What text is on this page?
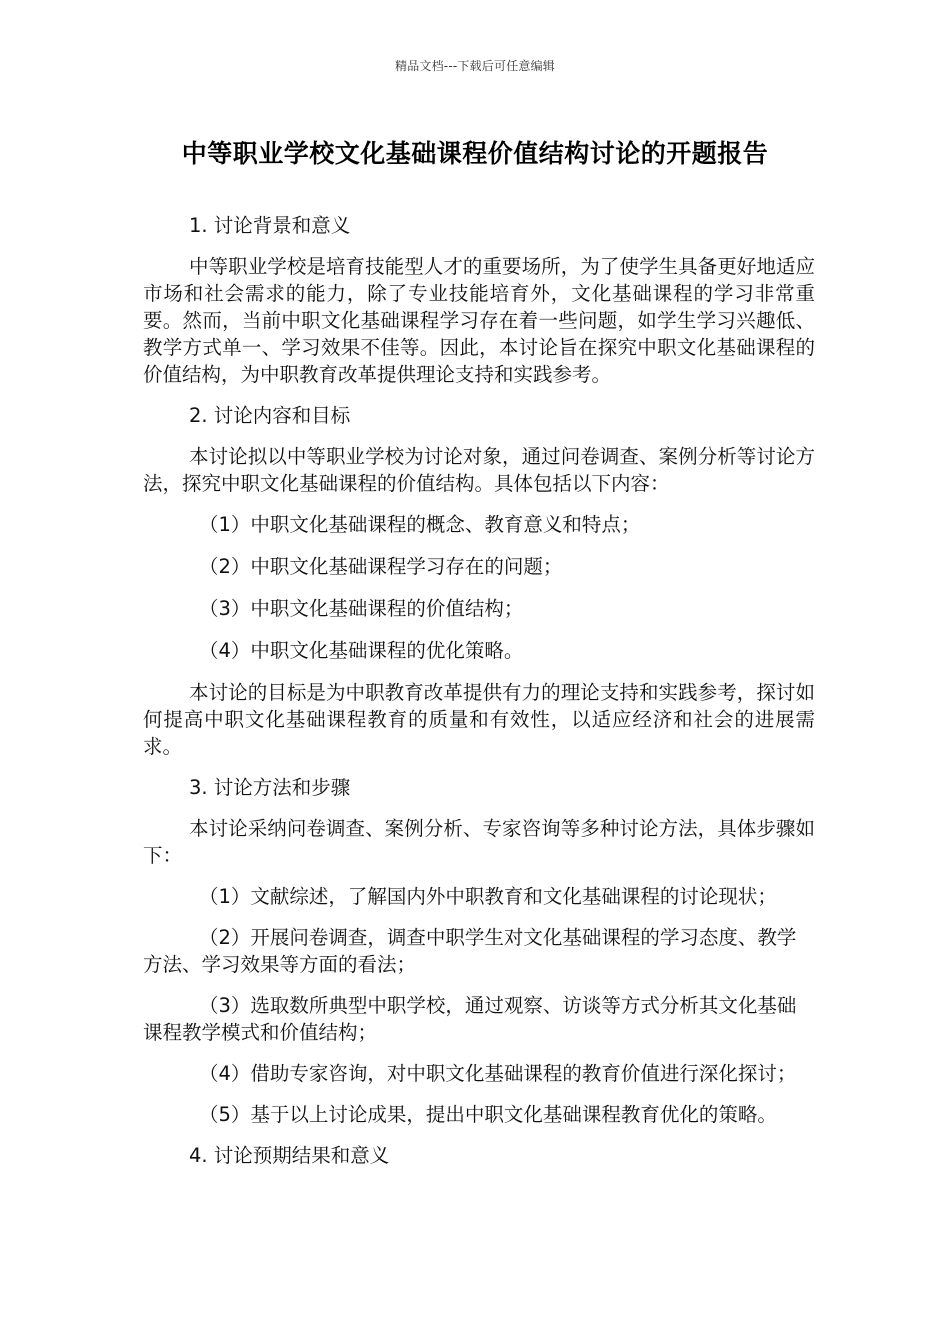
精品文档---下载后可任意编辑
中等职业学校文化基础课程价值结构讨论的开题报告
1. 讨论背景和意义
中等职业学校是培育技能型人才的重要场所，为了使学生具备更好地适应市场和社会需求的能力，除了专业技能培育外，文化基础课程的学习非常重要。然而，当前中职文化基础课程学习存在着一些问题，如学生学习兴趣低、教学方式单一、学习效果不佳等。因此，本讨论旨在探究中职文化基础课程的价值结构，为中职教育改革提供理论支持和实践参考。
2. 讨论内容和目标
本讨论拟以中等职业学校为讨论对象，通过问卷调查、案例分析等讨论方法，探究中职文化基础课程的价值结构。具体包括以下内容：
（1）中职文化基础课程的概念、教育意义和特点；
（2）中职文化基础课程学习存在的问题；
（3）中职文化基础课程的价值结构；
（4）中职文化基础课程的优化策略。
本讨论的目标是为中职教育改革提供有力的理论支持和实践参考，探讨如何提高中职文化基础课程教育的质量和有效性，以适应经济和社会的进展需求。
3. 讨论方法和步骤
本讨论采纳问卷调查、案例分析、专家咨询等多种讨论方法，具体步骤如下：
（1）文献综述，了解国内外中职教育和文化基础课程的讨论现状；
（2）开展问卷调查，调查中职学生对文化基础课程的学习态度、教学方法、学习效果等方面的看法；
（3）选取数所典型中职学校，通过观察、访谈等方式分析其文化基础课程教学模式和价值结构；
（4）借助专家咨询，对中职文化基础课程的教育价值进行深化探讨；
（5）基于以上讨论成果，提出中职文化基础课程教育优化的策略。
4. 讨论预期结果和意义
